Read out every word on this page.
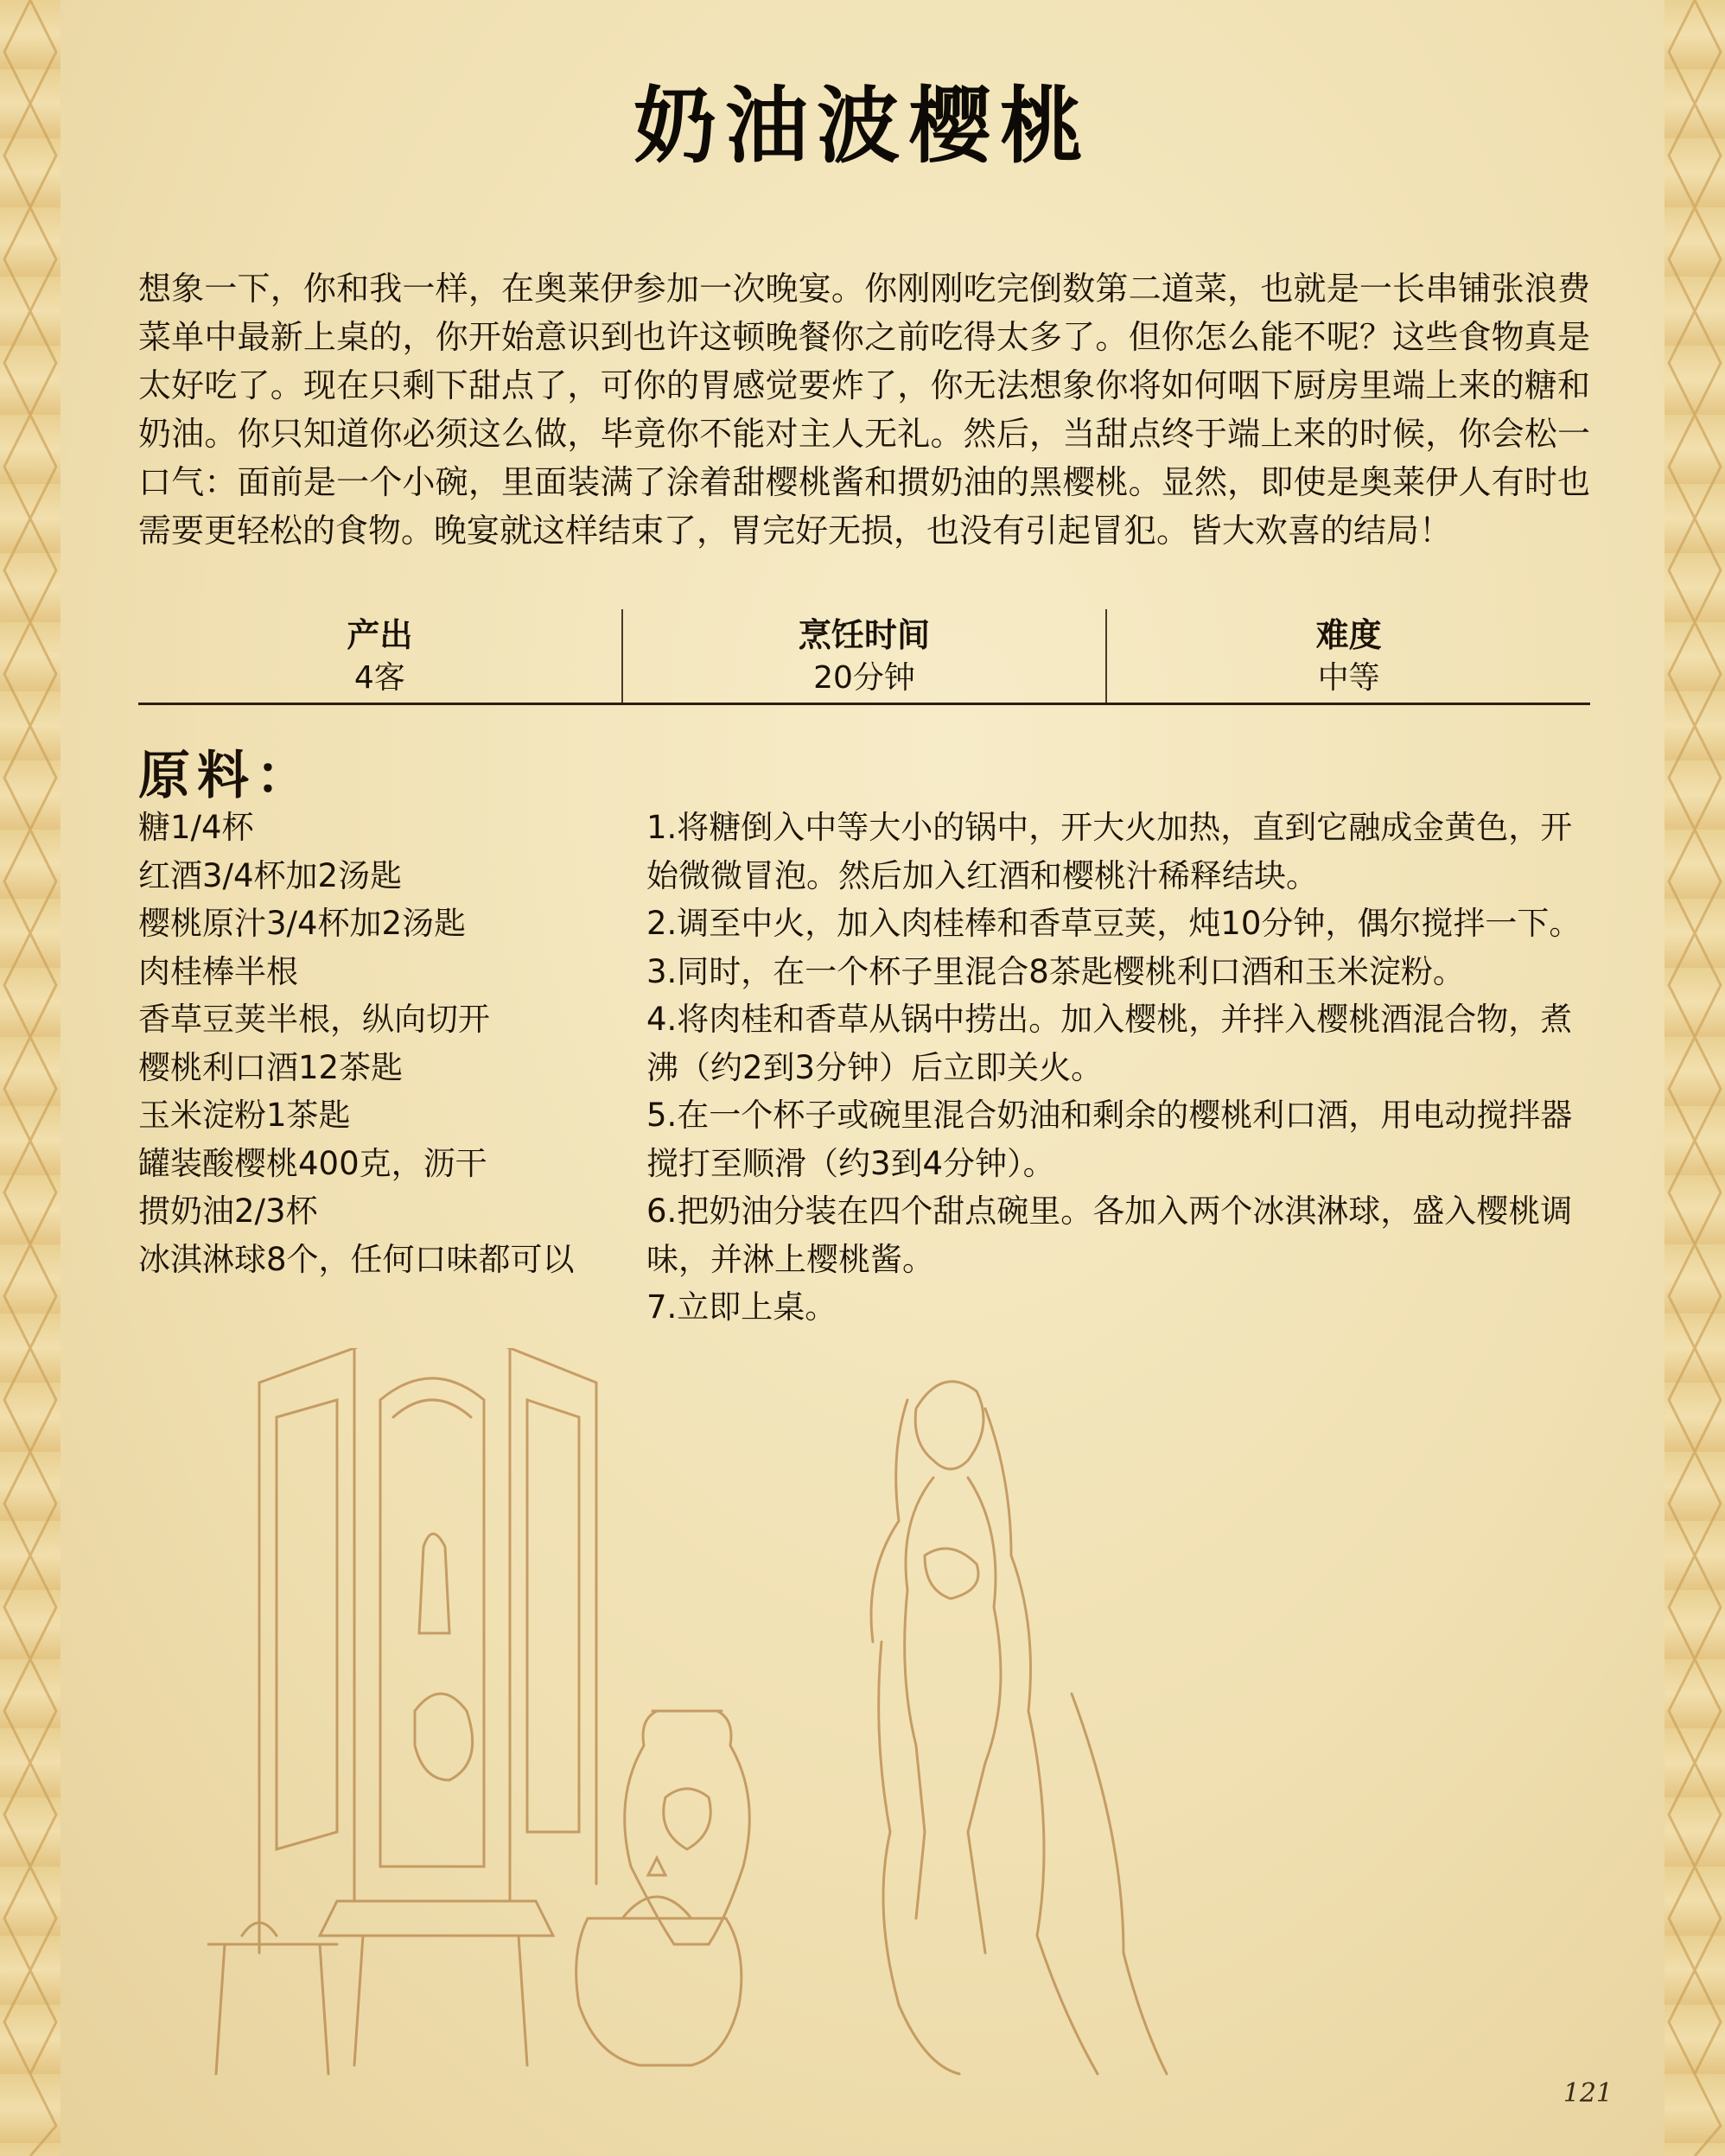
奶油波樱桃

想象一下，你和我一样，在奥莱伊参加一次晚宴。你刚刚吃完倒数第二道菜，也就是一长串铺张浪费菜单中最新上桌的，你开始意识到也许这顿晚餐你之前吃得太多了。但你怎么能不呢？这些食物真是太好吃了。现在只剩下甜点了，可你的胃感觉要炸了，你无法想象你将如何咽下厨房里端上来的糖和奶油。你只知道你必须这么做，毕竟你不能对主人无礼。然后，当甜点终于端上来的时候，你会松一口气：面前是一个小碗，里面装满了涂着甜樱桃酱和掼奶油的黑樱桃。显然，即使是奥莱伊人有时也需要更轻松的食物。晚宴就这样结束了，胃完好无损，也没有引起冒犯。皆大欢喜的结局！

产出
4客
烹饪时间
20分钟
难度
中等
原料：
糖1/4杯
红酒3/4杯加2汤匙
樱桃原汁3/4杯加2汤匙
肉桂棒半根
香草豆荚半根，纵向切开
樱桃利口酒12茶匙
玉米淀粉1茶匙
罐装酸樱桃400克，沥干
掼奶油2/3杯
冰淇淋球8个，任何口味都可以
1.将糖倒入中等大小的锅中，开大火加热，直到它融成金黄色，开始微微冒泡。然后加入红酒和樱桃汁稀释结块。
2.调至中火，加入肉桂棒和香草豆荚，炖10分钟，偶尔搅拌一下。
3.同时，在一个杯子里混合8茶匙樱桃利口酒和玉米淀粉。
4.将肉桂和香草从锅中捞出。加入樱桃，并拌入樱桃酒混合物，煮沸（约2到3分钟）后立即关火。
5.在一个杯子或碗里混合奶油和剩余的樱桃利口酒，用电动搅拌器搅打至顺滑（约3到4分钟）。
6.把奶油分装在四个甜点碗里。各加入两个冰淇淋球，盛入樱桃调味，并淋上樱桃酱。
7.立即上桌。
121
